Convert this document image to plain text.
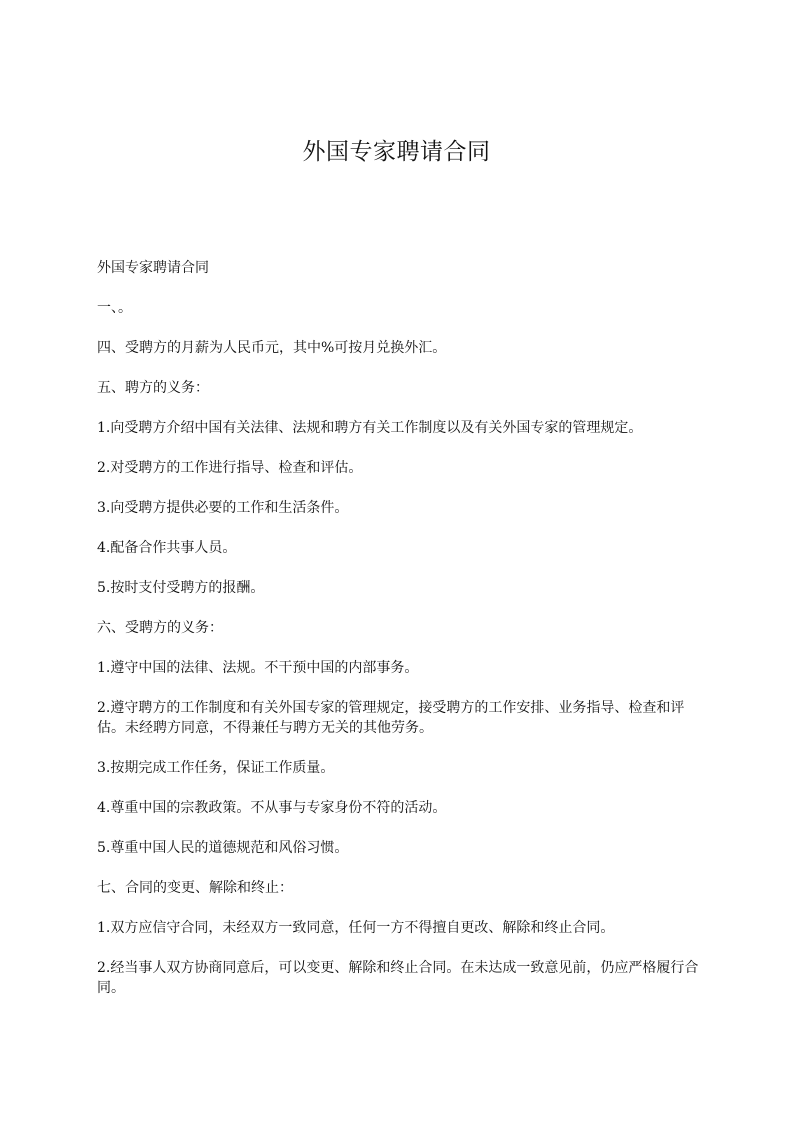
外国专家聘请合同

外国专家聘请合同

一、。

四、受聘方的月薪为人民币元，其中%可按月兑换外汇。

五、聘方的义务：

1.向受聘方介绍中国有关法律、法规和聘方有关工作制度以及有关外国专家的管理规定。

2.对受聘方的工作进行指导、检查和评估。

3.向受聘方提供必要的工作和生活条件。

4.配备合作共事人员。

5.按时支付受聘方的报酬。

六、受聘方的义务：

1.遵守中国的法律、法规。不干预中国的内部事务。

2.遵守聘方的工作制度和有关外国专家的管理规定，接受聘方的工作安排、业务指导、检查和评估。未经聘方同意，不得兼任与聘方无关的其他劳务。

3.按期完成工作任务，保证工作质量。

4.尊重中国的宗教政策。不从事与专家身份不符的活动。

5.尊重中国人民的道德规范和风俗习惯。

七、合同的变更、解除和终止：

1.双方应信守合同，未经双方一致同意，任何一方不得擅自更改、解除和终止合同。

2.经当事人双方协商同意后，可以变更、解除和终止合同。在未达成一致意见前，仍应严格履行合同。
